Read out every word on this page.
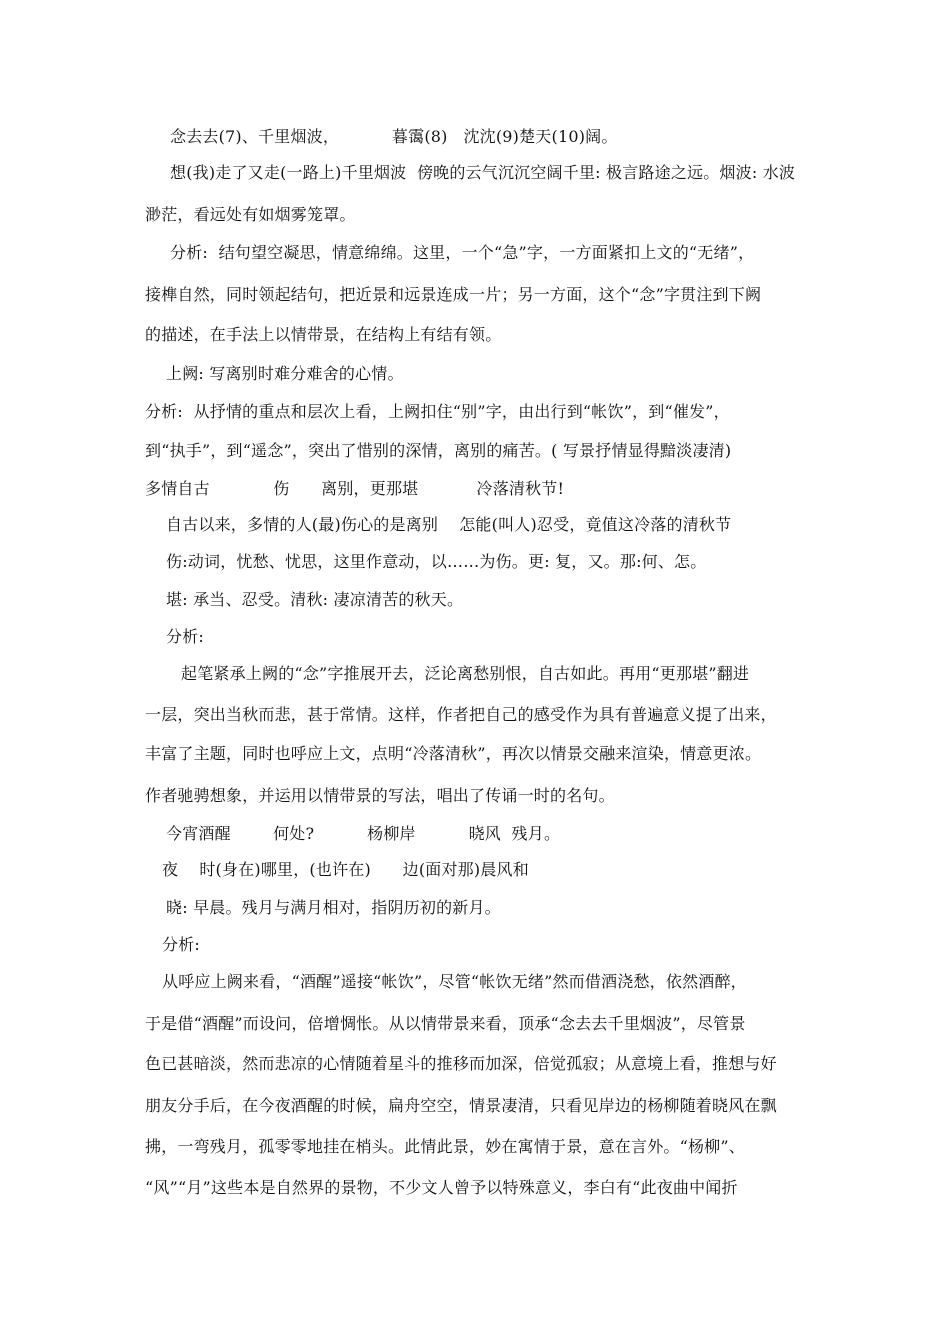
念去去(7)、千里烟波，          暮霭(8)   沈沈(9)楚天(10)阔。
想(我)走了又走(一路上)千里烟波  傍晚的云气沉沉空阔千里: 极言路途之远。烟波: 水波
渺茫，看远处有如烟雾笼罩。
分析:  结句望空凝思，情意绵绵。这里，一个“急”字，一方面紧扣上文的“无绪”，
接榫自然，同时领起结句，把近景和远景连成一片；另一方面，这个“念”字贯注到下阙
的描述，在手法上以情带景，在结构上有结有领。
上阙: 写离别时难分难舍的心情。
分析:  从抒情的重点和层次上看，上阙扣住“别”字，由出行到“帐饮”，到“催发”，
到“执手”，到“遥念”，突出了惜别的深情，离别的痛苦。( 写景抒情显得黯淡凄清)
多情自古            伤      离别，更那堪           冷落清秋节!
自古以来，多情的人(最)伤心的是离别    怎能(叫人)忍受，竟值这冷落的清秋节
伤:动词，忧愁、忧思，这里作意动，以……为伤。更: 复，又。那:何、怎。
堪: 承当、忍受。清秋: 凄凉清苦的秋天。
分析:
起笔紧承上阙的“念”字推展开去，泛论离愁别恨，自古如此。再用“更那堪”翻进
一层，突出当秋而悲，甚于常情。这样，作者把自己的感受作为具有普遍意义提了出来，
丰富了主题，同时也呼应上文，点明“冷落清秋”，再次以情景交融来渲染，情意更浓。
作者驰骋想象，并运用以情带景的写法，唱出了传诵一时的名句。
今宵酒醒        何处?          杨柳岸          晓风  残月。
夜    时(身在)哪里，(也许在)      边(面对那)晨风和
晓: 早晨。残月与满月相对，指阴历初的新月。
分析:
从呼应上阙来看，“酒醒”遥接“帐饮”，尽管“帐饮无绪”然而借酒浇愁，依然酒醉，
于是借“酒醒”而设问，倍增惆怅。从以情带景来看，顶承“念去去千里烟波”，尽管景
色已甚暗淡，然而悲凉的心情随着星斗的推移而加深，倍觉孤寂；从意境上看，推想与好
朋友分手后，在今夜酒醒的时候，扁舟空空，情景凄清，只看见岸边的杨柳随着晓风在飘
拂，一弯残月，孤零零地挂在梢头。此情此景，妙在寓情于景，意在言外。“杨柳”、
“风”“月”这些本是自然界的景物，不少文人曾予以特殊意义，李白有“此夜曲中闻折
